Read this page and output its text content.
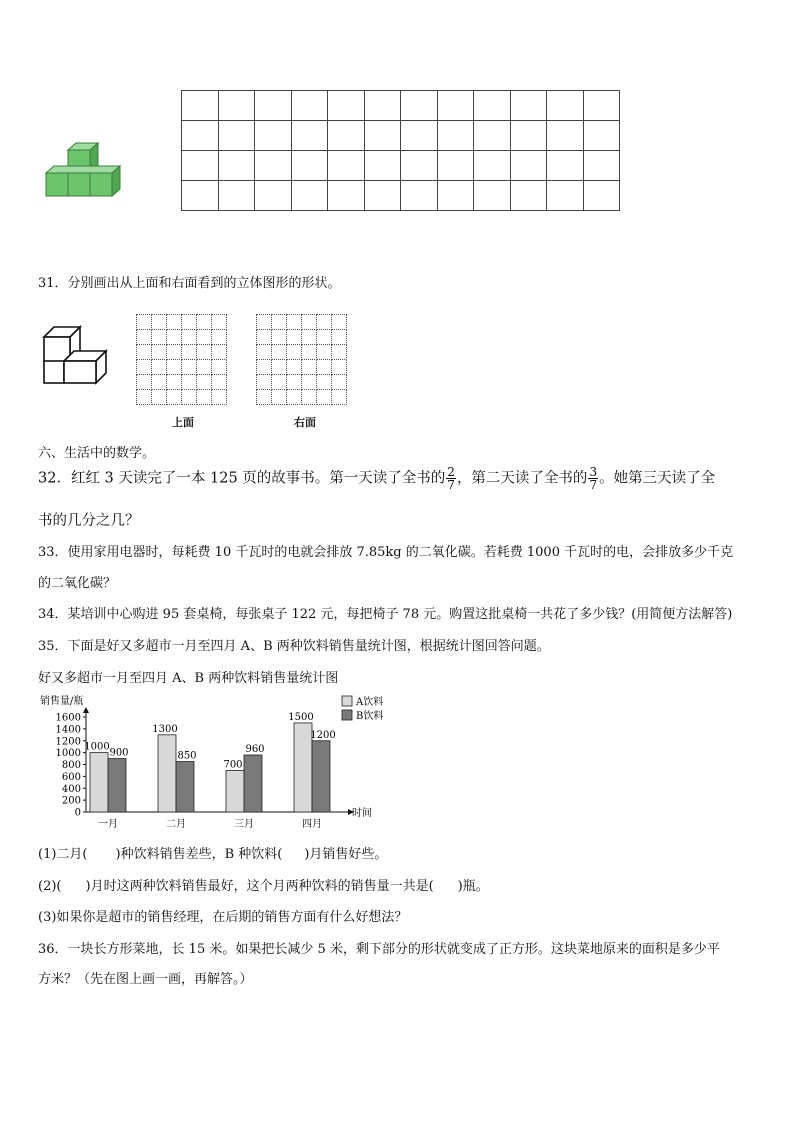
31．分别画出从上面和右面看到的立体图形的形状。

上面

						右面
六、生活中的数学。
32．红红 3 天读完了一本 125 页的故事书。第一天读了全书的 $\frac{2}{7}$ ，第二天读了全书的 $\frac{3}{7}$ 。她第三天读了全
书的几分之几？
33．使用家用电器时，每耗费 10 千瓦时的电就会排放 7.85kg 的二氧化碳。若耗费 1000 千瓦时的电，会排放多少千克
的二氧化碳？
34．某培训中心购进 95 套桌椅，每张桌子 122 元，每把椅子 78 元。购置这批桌椅一共花了多少钱？(用简便方法解答)
35．下面是好又多超市一月至四月 A、B 两种饮料销售量统计图，根据统计图回答问题。
好又多超市一月至四月 A、B 两种饮料销售量统计图
销售量/瓶
时间
0
200
400
600
800
1000
1200
1400
1600
1000
900
一月
1300
850
二月
700
960
三月
1500
1200
四月
A饮料
B饮料
(1)二月( )种饮料销售差些，B 种饮料( )月销售好些。
(2)( )月时这两种饮料销售最好，这个月两种饮料的销售量一共是( )瓶。
(3)如果你是超市的销售经理，在后期的销售方面有什么好想法？
36．一块长方形菜地，长 15 米。如果把长减少 5 米，剩下部分的形状就变成了正方形。这块菜地原来的面积是多少平
方米？（先在图上画一画，再解答。）
